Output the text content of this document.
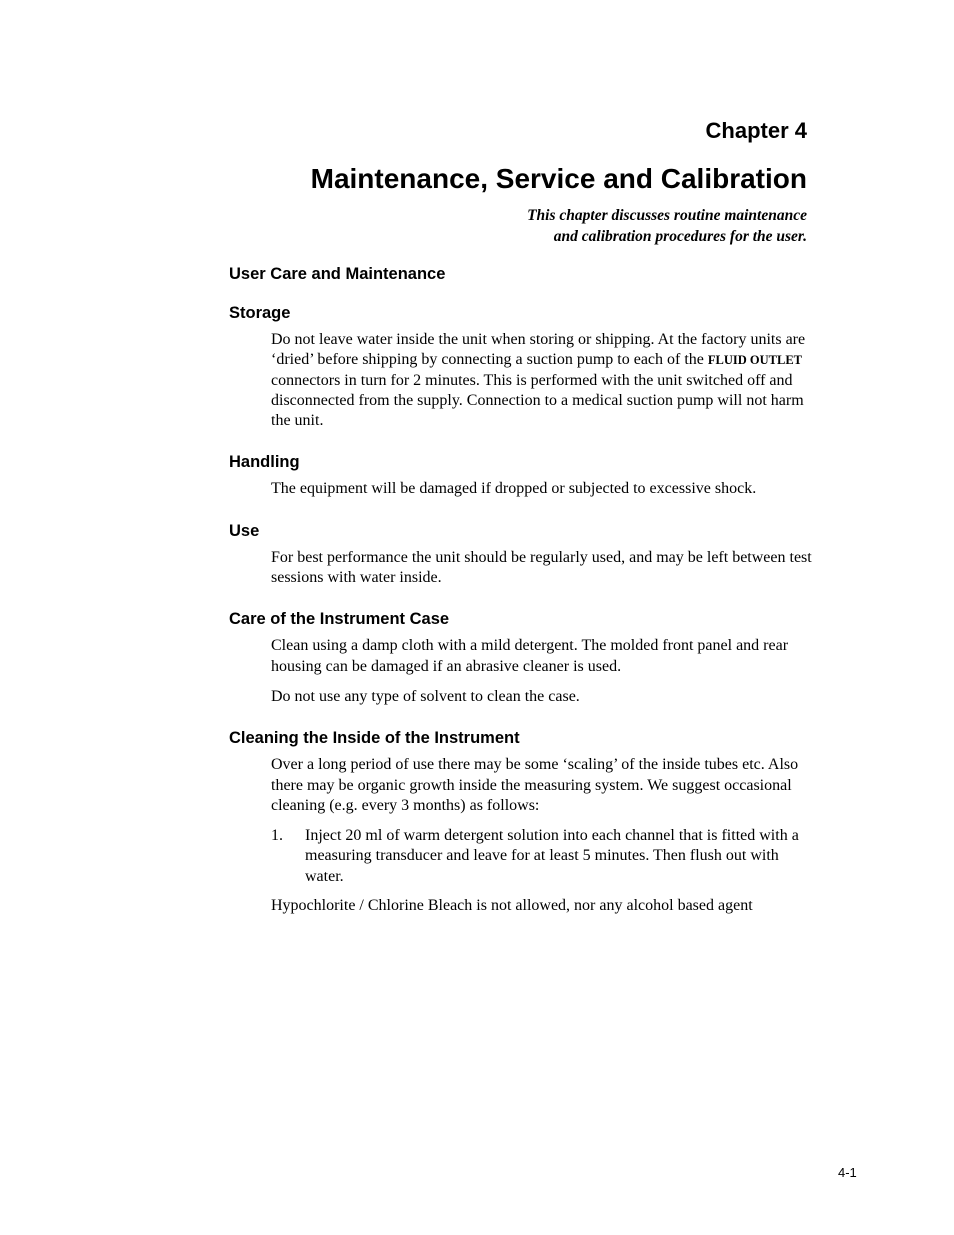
Chapter 4
Maintenance, Service and Calibration
This chapter discusses routine maintenance
and calibration procedures for the user.
User Care and Maintenance
Storage

Do not leave water inside the unit when storing or shipping. At the factory units are ‘dried’ before shipping by connecting a suction pump to each of the FLUID OUTLET connectors in turn for 2 minutes. This is performed with the unit switched off and disconnected from the supply. Connection to a medical suction pump will not harm the unit.

Handling

The equipment will be damaged if dropped or subjected to excessive shock.

Use

For best performance the unit should be regularly used, and may be left between test sessions with water inside.

Care of the Instrument Case

Clean using a damp cloth with a mild detergent. The molded front panel and rear housing can be damaged if an abrasive cleaner is used.

Do not use any type of solvent to clean the case.

Cleaning the Inside of the Instrument

Over a long period of use there may be some ‘scaling’ of the inside tubes etc. Also there may be organic growth inside the measuring system. We suggest occasional cleaning (e.g. every 3 months) as follows:

1.	Inject 20 ml of warm detergent solution into each channel that is fitted with a measuring transducer and leave for at least 5 minutes. Then flush out with water.

Hypochlorite / Chlorine Bleach is not allowed, nor any alcohol based agent

4-1
